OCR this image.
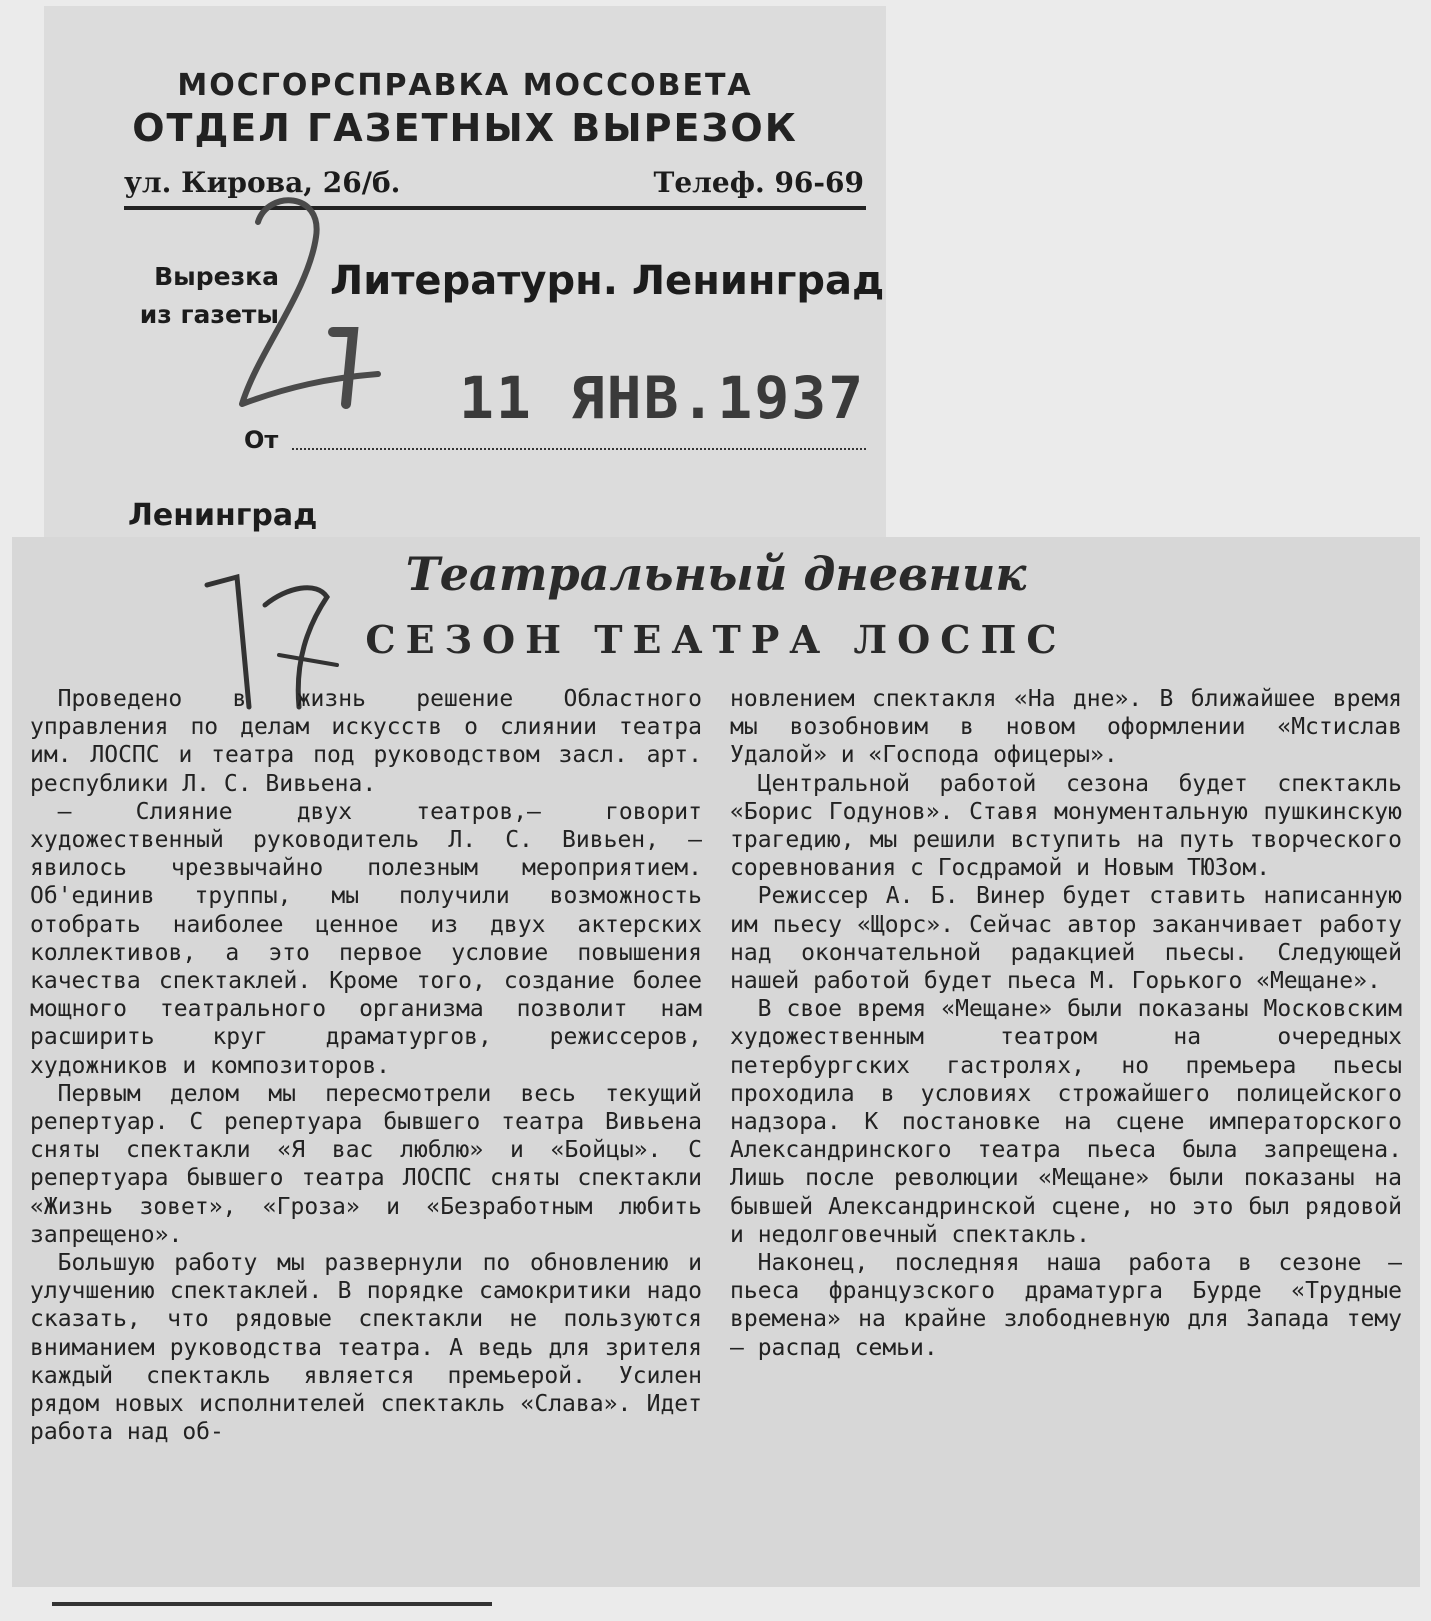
МОСГОРСПРАВКА МОССОВЕТА
ОТДЕЛ ГАЗЕТНЫХ ВЫРЕЗОК
ул. Кирова, 26/б.	Телеф. 96-69
Вырезка
из газеты
Литературн. Ленинград
11 ЯНВ.1937
От
Ленинград
Театральный дневник
СЕЗОН ТЕАТРА ЛОСПС

Проведено в жизнь решение Областного управления по делам искусств о слиянии театра им. ЛОСПС и театра под руководством засл. арт. республики Л. С. Вивьена.

— Слияние двух театров,— говорит художественный руководитель Л. С. Вивьен, — явилось чрезвычайно полезным мероприятием. Об'единив труппы, мы получили возможность отобрать наиболее ценное из двух актерских коллективов, а это первое условие повышения качества спектаклей. Кроме того, создание более мощного театрального организма позволит нам расширить круг драматургов, режиссеров, художников и композиторов.

Первым делом мы пересмотрели весь текущий репертуар. С репертуара бывшего театра Вивьена сняты спектакли «Я вас люблю» и «Бойцы». С репертуара бывшего театра ЛОСПС сняты спектакли «Жизнь зовет», «Гроза» и «Безработным любить запрещено».

Большую работу мы развернули по обновлению и улучшению спектаклей. В порядке самокритики надо сказать, что рядовые спектакли не пользуются вниманием руководства театра. А ведь для зрителя каждый спектакль является премьерой. Усилен рядом новых исполнителей спектакль «Слава». Идет работа над об-

новлением спектакля «На дне». В ближайшее время мы возобновим в новом оформлении «Мстислав Удалой» и «Господа офицеры».

Центральной работой сезона будет спектакль «Борис Годунов». Ставя монументальную пушкинскую трагедию, мы решили вступить на путь творческого соревнования с Госдрамой и Новым ТЮЗом.

Режиссер А. Б. Винер будет ставить написанную им пьесу «Щорс». Сейчас автор заканчивает работу над окончательной радакцией пьесы. Следующей нашей работой будет пьеса М. Горького «Мещане».

В свое время «Мещане» были показаны Московским художественным театром на очередных петербургских гастролях, но премьера пьесы проходила в условиях строжайшего полицейского надзора. К постановке на сцене императорского Александринского театра пьеса была запрещена. Лишь после революции «Мещане» были показаны на бывшей Александринской сцене, но это был рядовой и недолговечный спектакль.

Наконец, последняя наша работа в сезоне — пьеса французского драматурга Бурде «Трудные времена» на крайне злободневную для Запада тему — распад семьи.
